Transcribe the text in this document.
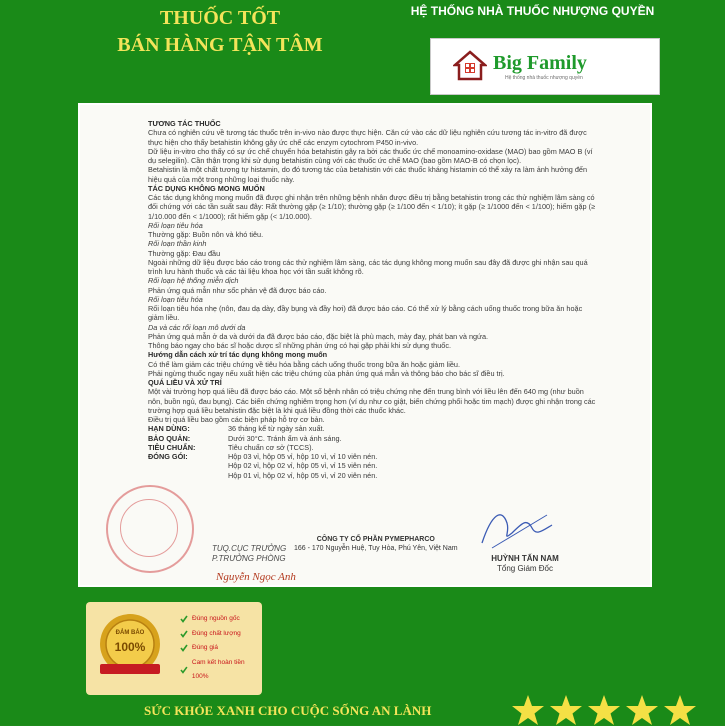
THUỐC TỐT
BÁN HÀNG TẬN TÂM
HỆ THỐNG NHÀ THUỐC NHƯỢNG QUYỀN
Big Family
Hệ thống nhà thuốc nhượng quyền

TƯƠNG TÁC THUỐC

Chưa có nghiên cứu về tương tác thuốc trên in-vivo nào được thực hiện. Căn cứ vào các dữ liệu nghiên cứu tương tác in-vitro đã được thực hiện cho thấy betahistin không gây ức chế các enzym cytochrom P450 in-vivo.

Dữ liệu in-vitro cho thấy có sự ức chế chuyển hóa betahistin gây ra bởi các thuốc ức chế monoamino-oxidase (MAO) bao gồm MAO B (ví dụ selegilin). Cần thận trọng khi sử dụng betahistin cùng với các thuốc ức chế MAO (bao gồm MAO-B có chọn lọc).

Betahistin là một chất tương tự histamin, do đó tương tác của betahistin với các thuốc kháng histamin có thể xảy ra làm ảnh hưởng đến hiệu quả của một trong những loại thuốc này.

TÁC DỤNG KHÔNG MONG MUỐN

Các tác dụng không mong muốn đã được ghi nhận trên những bệnh nhân được điều trị bằng betahistin trong các thử nghiệm lâm sàng có đối chứng với các tần suất sau đây: Rất thường gặp (≥ 1/10); thường gặp (≥ 1/100 đến < 1/10); ít gặp (≥ 1/1000 đến < 1/100); hiếm gặp (≥ 1/10.000 đến < 1/1000); rất hiếm gặp (< 1/10.000).

Rối loạn tiêu hóa

Thường gặp: Buồn nôn và khó tiêu.

Rối loạn thần kinh

Thường gặp: Đau đầu

Ngoài những dữ liệu được báo cáo trong các thử nghiệm lâm sàng, các tác dụng không mong muốn sau đây đã được ghi nhận sau quá trình lưu hành thuốc và các tài liệu khoa học với tần suất không rõ.

Rối loạn hệ thống miễn dịch

Phản ứng quá mẫn như sốc phản vệ đã được báo cáo.

Rối loạn tiêu hóa

Rối loạn tiêu hóa nhẹ (nôn, đau dạ dày, đầy bụng và đầy hơi) đã được báo cáo. Có thể xử lý bằng cách uống thuốc trong bữa ăn hoặc giảm liều.

Da và các rối loạn mô dưới da

Phản ứng quá mẫn ở da và dưới da đã được báo cáo, đặc biệt là phù mạch, mày đay, phát ban và ngứa.

Thông báo ngay cho bác sĩ hoặc dược sĩ những phản ứng có hại gặp phải khi sử dụng thuốc.

Hướng dẫn cách xử trí tác dụng không mong muốn

Có thể làm giảm các triệu chứng về tiêu hóa bằng cách uống thuốc trong bữa ăn hoặc giảm liều.

Phải ngừng thuốc ngay nếu xuất hiện các triệu chứng của phản ứng quá mẫn và thông báo cho bác sĩ điều trị.

QUÁ LIỀU VÀ XỬ TRÍ

Một vài trường hợp quá liều đã được báo cáo. Một số bệnh nhân có triệu chứng nhẹ đến trung bình với liều lên đến 640 mg (như buồn nôn, buồn ngủ, đau bụng). Các biến chứng nghiêm trọng hơn (ví dụ như co giật, biến chứng phổi hoặc tim mạch) được ghi nhận trong các trường hợp quá liều betahistin đặc biệt là khi quá liều đồng thời các thuốc khác.

Điều trị quá liều bao gồm các biện pháp hỗ trợ cơ bản.

HẠN DÙNG:	36 tháng kể từ ngày sản xuất.
BẢO QUẢN:	Dưới 30°C. Tránh ẩm và ánh sáng.
TIÊU CHUẨN:	Tiêu chuẩn cơ sở (TCCS).
ĐÓNG GÓI:	Hộp 03 vỉ, hộp 05 vỉ, hộp 10 vỉ, vỉ 10 viên nén.
	Hộp 02 vỉ, hộp 02 vỉ, hộp 05 vỉ, vỉ 15 viên nén.
	Hộp 01 vỉ, hộp 02 vỉ, hộp 05 vỉ, vỉ 20 viên nén.
CÔNG TY CỔ PHẦN PYMEPHARCO
166 - 170 Nguyễn Huệ, Tuy Hòa, Phú Yên, Việt Nam
TUQ.CỤC TRƯỞNG
P.TRƯỞNG PHÒNG
Nguyễn Ngọc Anh
HUỲNH TẤN NAM
Tổng Giám Đốc
ĐẢM BẢO
100%
Đúng nguồn gốc
Đúng chất lượng
Đúng giá
Cam kết hoàn tiền 100%
SỨC KHỎE XANH CHO CUỘC SỐNG AN LÀNH
